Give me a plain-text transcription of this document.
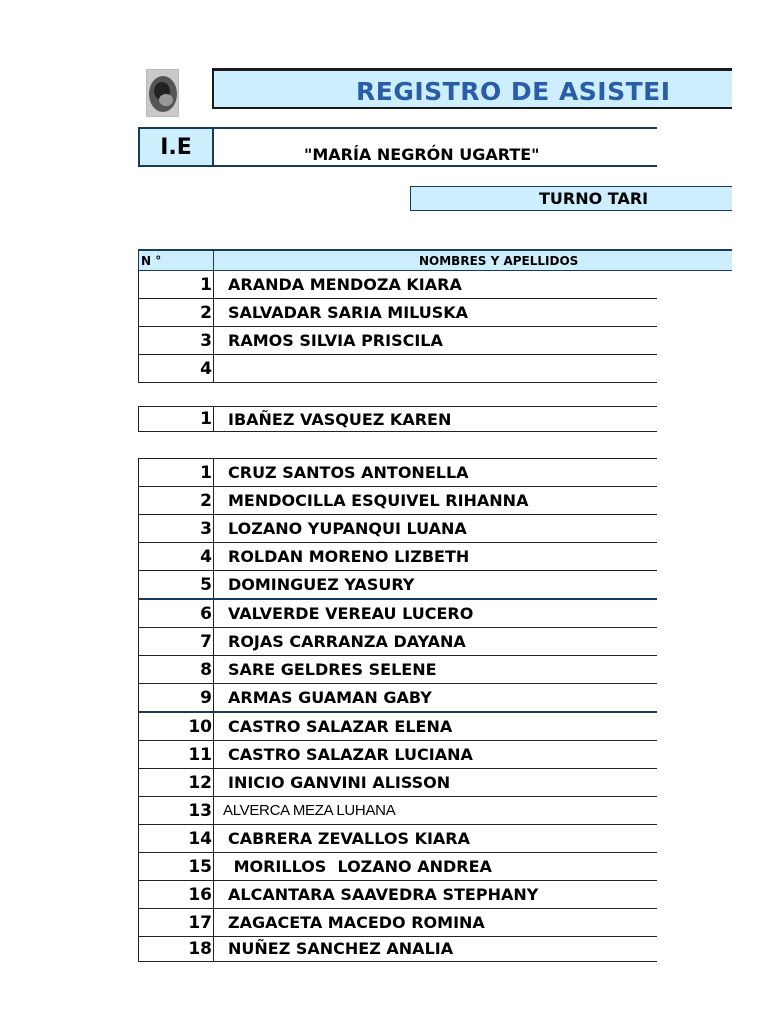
REGISTRO DE ASISTEI
I.E	"MARÍA NEGRÓN UGARTE"
TURNO TARI
N °	NOMBRES Y APELLIDOS
1 ARANDA MENDOZA KIARA
2 SALVADAR SARIA MILUSKA
3 RAMOS SILVIA PRISCILA
4
1 IBAÑEZ VASQUEZ KAREN
1 CRUZ SANTOS ANTONELLA
2 MENDOCILLA ESQUIVEL RIHANNA
3 LOZANO YUPANQUI LUANA
4 ROLDAN MORENO LIZBETH
5 DOMINGUEZ YASURY
6 VALVERDE VEREAU LUCERO
7 ROJAS CARRANZA DAYANA
8 SARE GELDRES SELENE
9 ARMAS GUAMAN GABY
10 CASTRO SALAZAR ELENA
11 CASTRO SALAZAR LUCIANA
12 INICIO GANVINI ALISSON
13 ALVERCA MEZA LUHANA
14 CABRERA ZEVALLOS KIARA
15 MORILLOS  LOZANO ANDREA
16 ALCANTARA SAAVEDRA STEPHANY
17 ZAGACETA MACEDO ROMINA
18 NUÑEZ SANCHEZ ANALIA
